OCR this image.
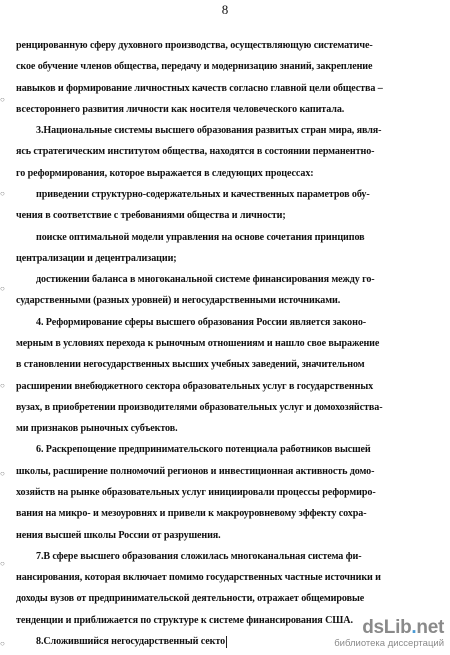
8
○
○
○
○
○
○
○
ренцированную сферу духовного производства, осуществляющую систематиче-
ское обучение членов общества, передачу и модернизацию знаний, закрепление
навыков и формирование личностных качеств согласно главной цели общества –
всестороннего развития личности как носителя человеческого капитала.
3.Национальные системы высшего образования развитых стран мира, явля-
ясь стратегическим институтом общества, находятся в состоянии перманентно-
го реформирования, которое выражается в следующих процессах:
приведении структурно-содержательных и качественных параметров обу-
чения в соответствие с требованиями общества и личности;
поиске оптимальной модели управления на основе сочетания принципов
централизации и децентрализации;
достижении баланса в многоканальной системе финансирования между го-
сударственными (разных уровней) и негосударственными источниками.
4. Реформирование сферы высшего образования России является законо-
мерным в условиях перехода к рыночным отношениям и нашло свое выражение
в становлении негосударственных высших учебных заведений, значительном
расширении внебюджетного сектора образовательных услуг в государственных
вузах, в приобретении производителями образовательных услуг и домохозяйства-
ми признаков рыночных субъектов.
6. Раскрепощение предпринимательского потенциала работников высшей
школы, расширение полномочий регионов и инвестиционная активность домо-
хозяйств на рынке образовательных услуг инициировали процессы реформиро-
вания на микро- и мезоуровнях и привели к макроуровневому эффекту сохра-
нения высшей школы России от разрушения.
7.В сфере высшего образования сложилась многоканальная система фи-
нансирования, которая включает помимо государственных частные источники и
доходы вузов от предпринимательской деятельности, отражает общемировые
тенденции и приближается по структуре к системе финансирования США.
8.Сложившийся негосударственный секто
dsLib.net
библиотека диссертаций
